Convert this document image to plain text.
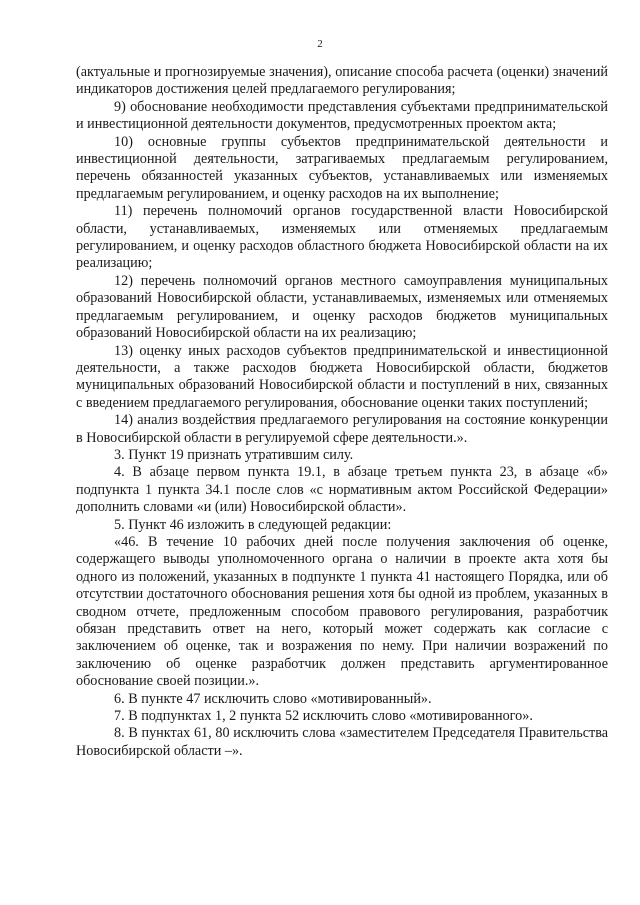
2

(актуальные и прогнозируемые значения), описание способа расчета (оценки) значений индикаторов достижения целей предлагаемого регулирования;

9) обоснование необходимости представления субъектами предпринимательской и инвестиционной деятельности документов, предусмотренных проектом акта;

10) основные группы субъектов предпринимательской деятельности и инвестиционной деятельности, затрагиваемых предлагаемым регулированием, перечень обязанностей указанных субъектов, устанавливаемых или изменяемых предлагаемым регулированием, и оценку расходов на их выполнение;

11) перечень полномочий органов государственной власти Новосибирской области, устанавливаемых, изменяемых или отменяемых предлагаемым регулированием, и оценку расходов областного бюджета Новосибирской области на их реализацию;

12) перечень полномочий органов местного самоуправления муниципальных образований Новосибирской области, устанавливаемых, изменяемых или отменяемых предлагаемым регулированием, и оценку расходов бюджетов муниципальных образований Новосибирской области на их реализацию;

13) оценку иных расходов субъектов предпринимательской и инвестиционной деятельности, а также расходов бюджета Новосибирской области, бюджетов муниципальных образований Новосибирской области и поступлений в них, связанных с введением предлагаемого регулирования, обоснование оценки таких поступлений;

14) анализ воздействия предлагаемого регулирования на состояние конкуренции в Новосибирской области в регулируемой сфере деятельности.».

3. Пункт 19 признать утратившим силу.

4. В абзаце первом пункта 19.1, в абзаце третьем пункта 23, в абзаце «б» подпункта 1 пункта 34.1 после слов «с нормативным актом Российской Федерации» дополнить словами «и (или) Новосибирской области».

5. Пункт 46 изложить в следующей редакции:

«46. В течение 10 рабочих дней после получения заключения об оценке, содержащего выводы уполномоченного органа о наличии в проекте акта хотя бы одного из положений, указанных в подпункте 1 пункта 41 настоящего Порядка, или об отсутствии достаточного обоснования решения хотя бы одной из проблем, указанных в сводном отчете, предложенным способом правового регулирования, разработчик обязан представить ответ на него, который может содержать как согласие с заключением об оценке, так и возражения по нему. При наличии возражений по заключению об оценке разработчик должен представить аргументированное обоснование своей позиции.».

6. В пункте 47 исключить слово «мотивированный».

7. В подпунктах 1, 2 пункта 52 исключить слово «мотивированного».

8. В пунктах 61, 80 исключить слова «заместителем Председателя Правительства Новосибирской области –».
